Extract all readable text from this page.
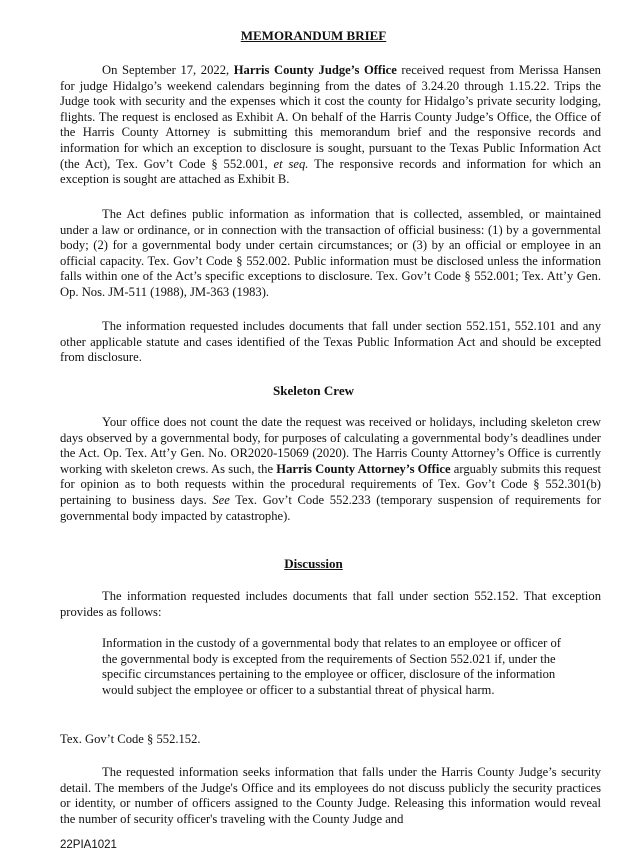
MEMORANDUM BRIEF

On September 17, 2022, Harris County Judge’s Office received request from Merissa Hansen for judge Hidalgo’s weekend calendars beginning from the dates of 3.24.20 through 1.15.22. Trips the Judge took with security and the expenses which it cost the county for Hidalgo’s private security lodging, flights. The request is enclosed as Exhibit A. On behalf of the Harris County Judge’s Office, the Office of the Harris County Attorney is submitting this memorandum brief and the responsive records and information for which an exception to disclosure is sought, pursuant to the Texas Public Information Act (the Act), Tex. Gov’t Code § 552.001, et seq. The responsive records and information for which an exception is sought are attached as Exhibit B.

The Act defines public information as information that is collected, assembled, or maintained under a law or ordinance, or in connection with the transaction of official business: (1) by a governmental body; (2) for a governmental body under certain circumstances; or (3) by an official or employee in an official capacity. Tex. Gov’t Code § 552.002. Public information must be disclosed unless the information falls within one of the Act’s specific exceptions to disclosure. Tex. Gov’t Code § 552.001; Tex. Att’y Gen. Op. Nos. JM-511 (1988), JM-363 (1983).

The information requested includes documents that fall under section 552.151, 552.101 and any other applicable statute and cases identified of the Texas Public Information Act and should be excepted from disclosure.

Skeleton Crew

Your office does not count the date the request was received or holidays, including skeleton crew days observed by a governmental body, for purposes of calculating a governmental body’s deadlines under the Act. Op. Tex. Att’y Gen. No. OR2020-15069 (2020). The Harris County Attorney’s Office is currently working with skeleton crews. As such, the Harris County Attorney’s Office arguably submits this request for opinion as to both requests within the procedural requirements of Tex. Gov’t Code § 552.301(b) pertaining to business days. See Tex. Gov’t Code 552.233 (temporary suspension of requirements for governmental body impacted by catastrophe).

Discussion

The information requested includes documents that fall under section 552.152. That exception provides as follows:

Information in the custody of a governmental body that relates to an employee or officer of the governmental body is excepted from the requirements of Section 552.021 if, under the specific circumstances pertaining to the employee or officer, disclosure of the information would subject the employee or officer to a substantial threat of physical harm.

Tex. Gov’t Code § 552.152.

The requested information seeks information that falls under the Harris County Judge’s security detail. The members of the Judge's Office and its employees do not discuss publicly the security practices or identity, or number of officers assigned to the County Judge. Releasing this information would reveal the number of security officer's traveling with the County Judge and

22PIA1021
